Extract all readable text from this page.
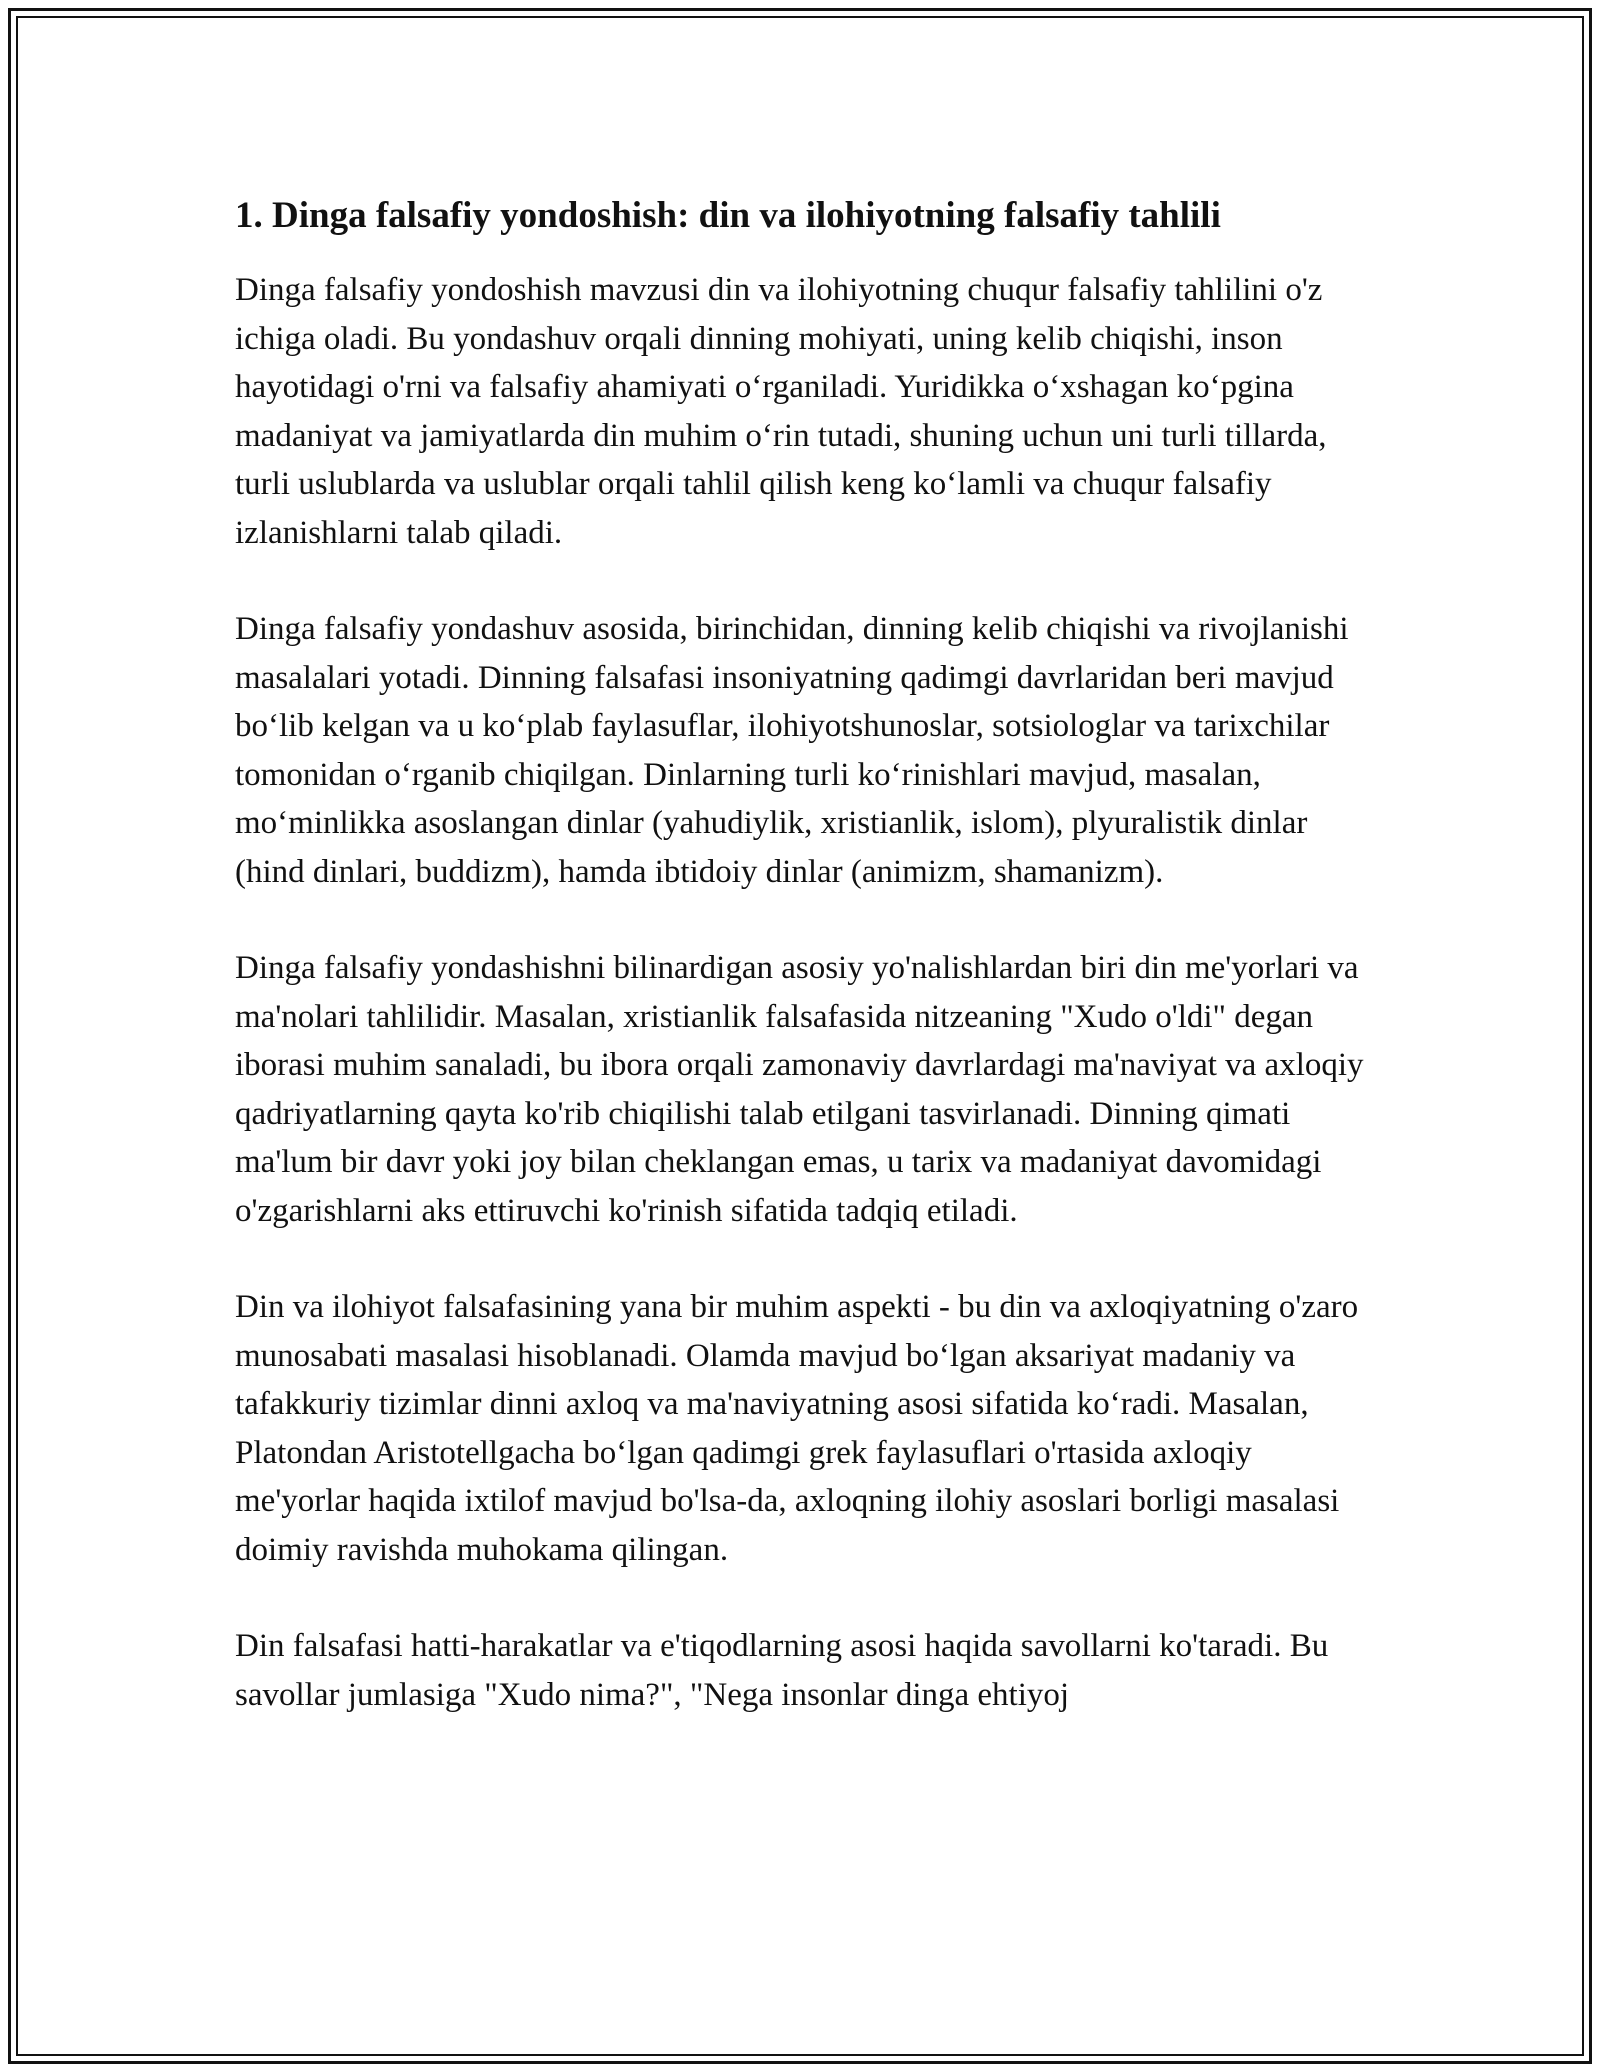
1. Dinga falsafiy yondoshish: din va ilohiyotning falsafiy tahlili

Dinga falsafiy yondoshish mavzusi din va ilohiyotning chuqur falsafiy tahlilini o'z ichiga oladi. Bu yondashuv orqali dinning mohiyati, uning kelib chiqishi, inson hayotidagi o'rni va falsafiy ahamiyati o‘rganiladi. Yuridikka o‘xshagan ko‘pgina madaniyat va jamiyatlarda din muhim o‘rin tutadi, shuning uchun uni turli tillarda, turli uslublarda va uslublar orqali tahlil qilish keng ko‘lamli va chuqur falsafiy izlanishlarni talab qiladi.

Dinga falsafiy yondashuv asosida, birinchidan, dinning kelib chiqishi va rivojlanishi masalalari yotadi. Dinning falsafasi insoniyatning qadimgi davrlaridan beri mavjud bo‘lib kelgan va u ko‘plab faylasuflar, ilohiyotshunoslar, sotsiologlar va tarixchilar tomonidan o‘rganib chiqilgan. Dinlarning turli ko‘rinishlari mavjud, masalan, mo‘minlikka asoslangan dinlar (yahudiylik, xristianlik, islom), plyuralistik dinlar (hind dinlari, buddizm), hamda ibtidoiy dinlar (animizm, shamanizm).

Dinga falsafiy yondashishni bilinardigan asosiy yo'nalishlardan biri din me'yorlari va ma'nolari tahlilidir. Masalan, xristianlik falsafasida nitzeaning "Xudo o'ldi" degan iborasi muhim sanaladi, bu ibora orqali zamonaviy davrlardagi ma'naviyat va axloqiy qadriyatlarning qayta ko'rib chiqilishi talab etilgani tasvirlanadi. Dinning qimati ma'lum bir davr yoki joy bilan cheklangan emas, u tarix va madaniyat davomidagi o'zgarishlarni aks ettiruvchi ko'rinish sifatida tadqiq etiladi.

Din va ilohiyot falsafasining yana bir muhim aspekti - bu din va axloqiyatning o'zaro munosabati masalasi hisoblanadi. Olamda mavjud bo‘lgan aksariyat madaniy va tafakkuriy tizimlar dinni axloq va ma'naviyatning asosi sifatida ko‘radi. Masalan, Platondan Aristotellgacha bo‘lgan qadimgi grek faylasuflari o'rtasida axloqiy me'yorlar haqida ixtilof mavjud bo'lsa-da, axloqning ilohiy asoslari borligi masalasi doimiy ravishda muhokama qilingan.

Din falsafasi hatti-harakatlar va e'tiqodlarning asosi haqida savollarni ko'taradi. Bu savollar jumlasiga "Xudo nima?", "Nega insonlar dinga ehtiyoj
